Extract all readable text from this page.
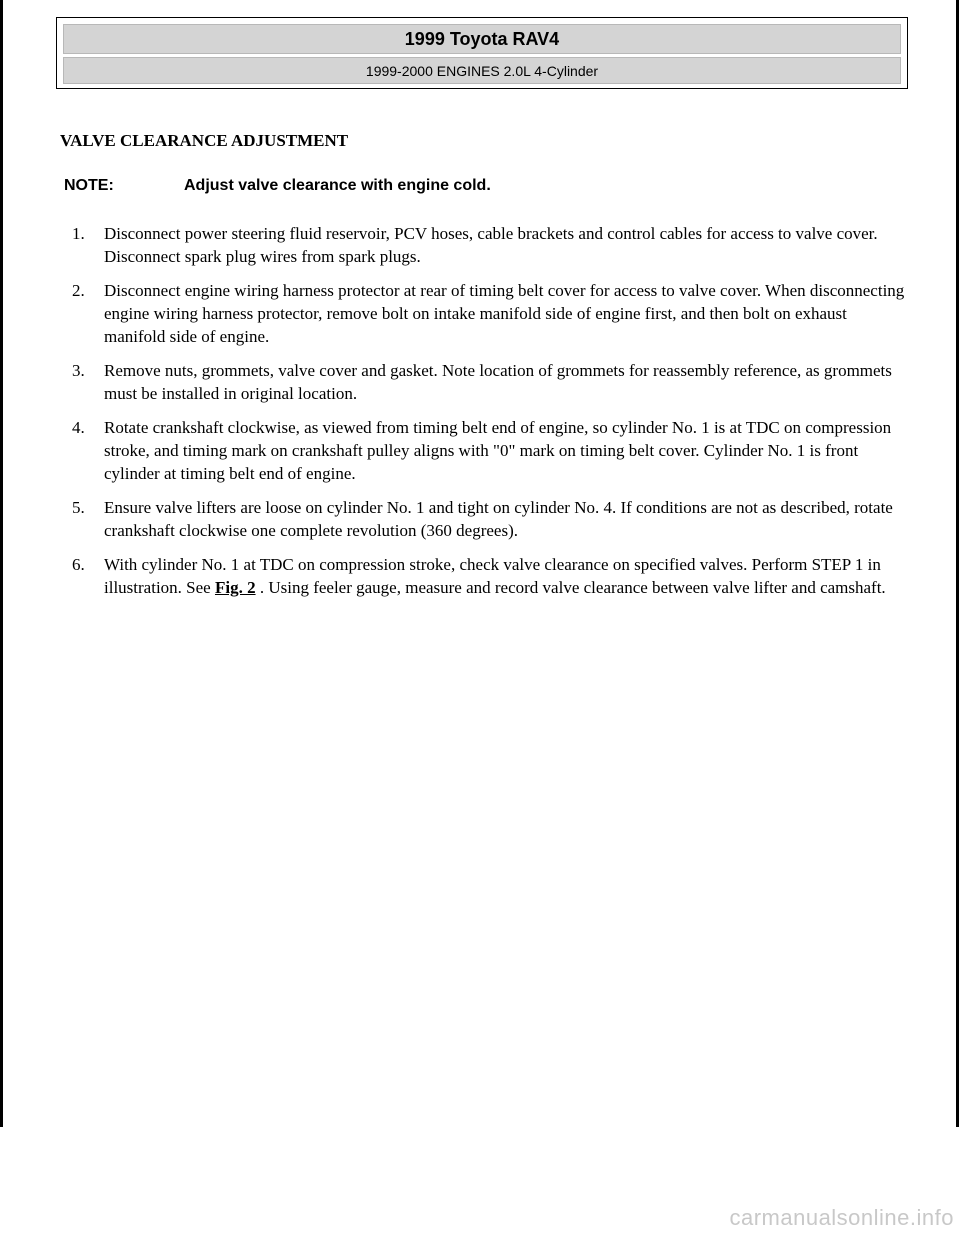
1999 Toyota RAV4
1999-2000 ENGINES 2.0L 4-Cylinder
VALVE CLEARANCE ADJUSTMENT
NOTE:	Adjust valve clearance with engine cold.
1. Disconnect power steering fluid reservoir, PCV hoses, cable brackets and control cables for access to valve cover. Disconnect spark plug wires from spark plugs.
2. Disconnect engine wiring harness protector at rear of timing belt cover for access to valve cover. When disconnecting engine wiring harness protector, remove bolt on intake manifold side of engine first, and then bolt on exhaust manifold side of engine.
3. Remove nuts, grommets, valve cover and gasket. Note location of grommets for reassembly reference, as grommets must be installed in original location.
4. Rotate crankshaft clockwise, as viewed from timing belt end of engine, so cylinder No. 1 is at TDC on compression stroke, and timing mark on crankshaft pulley aligns with "0" mark on timing belt cover. Cylinder No. 1 is front cylinder at timing belt end of engine.
5. Ensure valve lifters are loose on cylinder No. 1 and tight on cylinder No. 4. If conditions are not as described, rotate crankshaft clockwise one complete revolution (360 degrees).
6. With cylinder No. 1 at TDC on compression stroke, check valve clearance on specified valves. Perform STEP 1 in illustration. See Fig. 2 . Using feeler gauge, measure and record valve clearance between valve lifter and camshaft.
carmanualsonline.info
